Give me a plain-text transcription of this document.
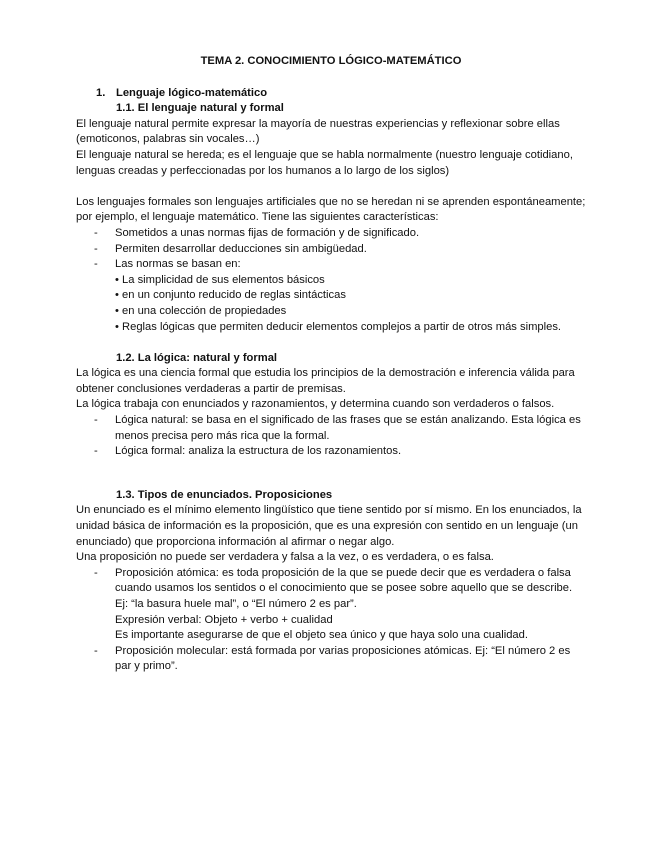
TEMA 2. CONOCIMIENTO LÓGICO-MATEMÁTICO
1. Lenguaje lógico-matemático
1.1. El lenguaje natural y formal

El lenguaje natural permite expresar la mayoría de nuestras experiencias y reflexionar sobre ellas (emoticonos, palabras sin vocales…)

El lenguaje natural se hereda; es el lenguaje que se habla normalmente (nuestro lenguaje cotidiano, lenguas creadas y perfeccionadas por los humanos a lo largo de los siglos)

Los lenguajes formales son lenguajes artificiales que no se heredan ni se aprenden espontáneamente; por ejemplo, el lenguaje matemático. Tiene las siguientes características:

-	Sometidos a unas normas fijas de formación y de significado.
-	Permiten desarrollar deducciones sin ambigüedad.
-	Las normas se basan en:
• La simplicidad de sus elementos básicos
• en un conjunto reducido de reglas sintácticas
• en una colección de propiedades
• Reglas lógicas que permiten deducir elementos complejos a partir de otros más simples.
1.2. La lógica: natural y formal

La lógica es una ciencia formal que estudia los principios de la demostración e inferencia válida para obtener conclusiones verdaderas a partir de premisas.

La lógica trabaja con enunciados y razonamientos, y determina cuando son verdaderos o falsos.

-	Lógica natural: se basa en el significado de las frases que se están analizando. Esta lógica es menos precisa pero más rica que la formal.
-	Lógica formal: analiza la estructura de los razonamientos.
1.3. Tipos de enunciados. Proposiciones

Un enunciado es el mínimo elemento lingüístico que tiene sentido por sí mismo. En los enunciados, la unidad básica de información es la proposición, que es una expresión con sentido en un lenguaje (un enunciado) que proporciona información al afirmar o negar algo.

Una proposición no puede ser verdadera y falsa a la vez, o es verdadera, o es falsa.

-	Proposición atómica: es toda proposición de la que se puede decir que es verdadera o falsa cuando usamos los sentidos o el conocimiento que se posee sobre aquello que se describe. Ej: “la basura huele mal”, o “El número 2 es par”.
Expresión verbal: Objeto + verbo + cualidad
Es importante asegurarse de que el objeto sea único y que haya solo una cualidad.
-	Proposición molecular: está formada por varias proposiciones atómicas. Ej: “El número 2 es par y primo”.
